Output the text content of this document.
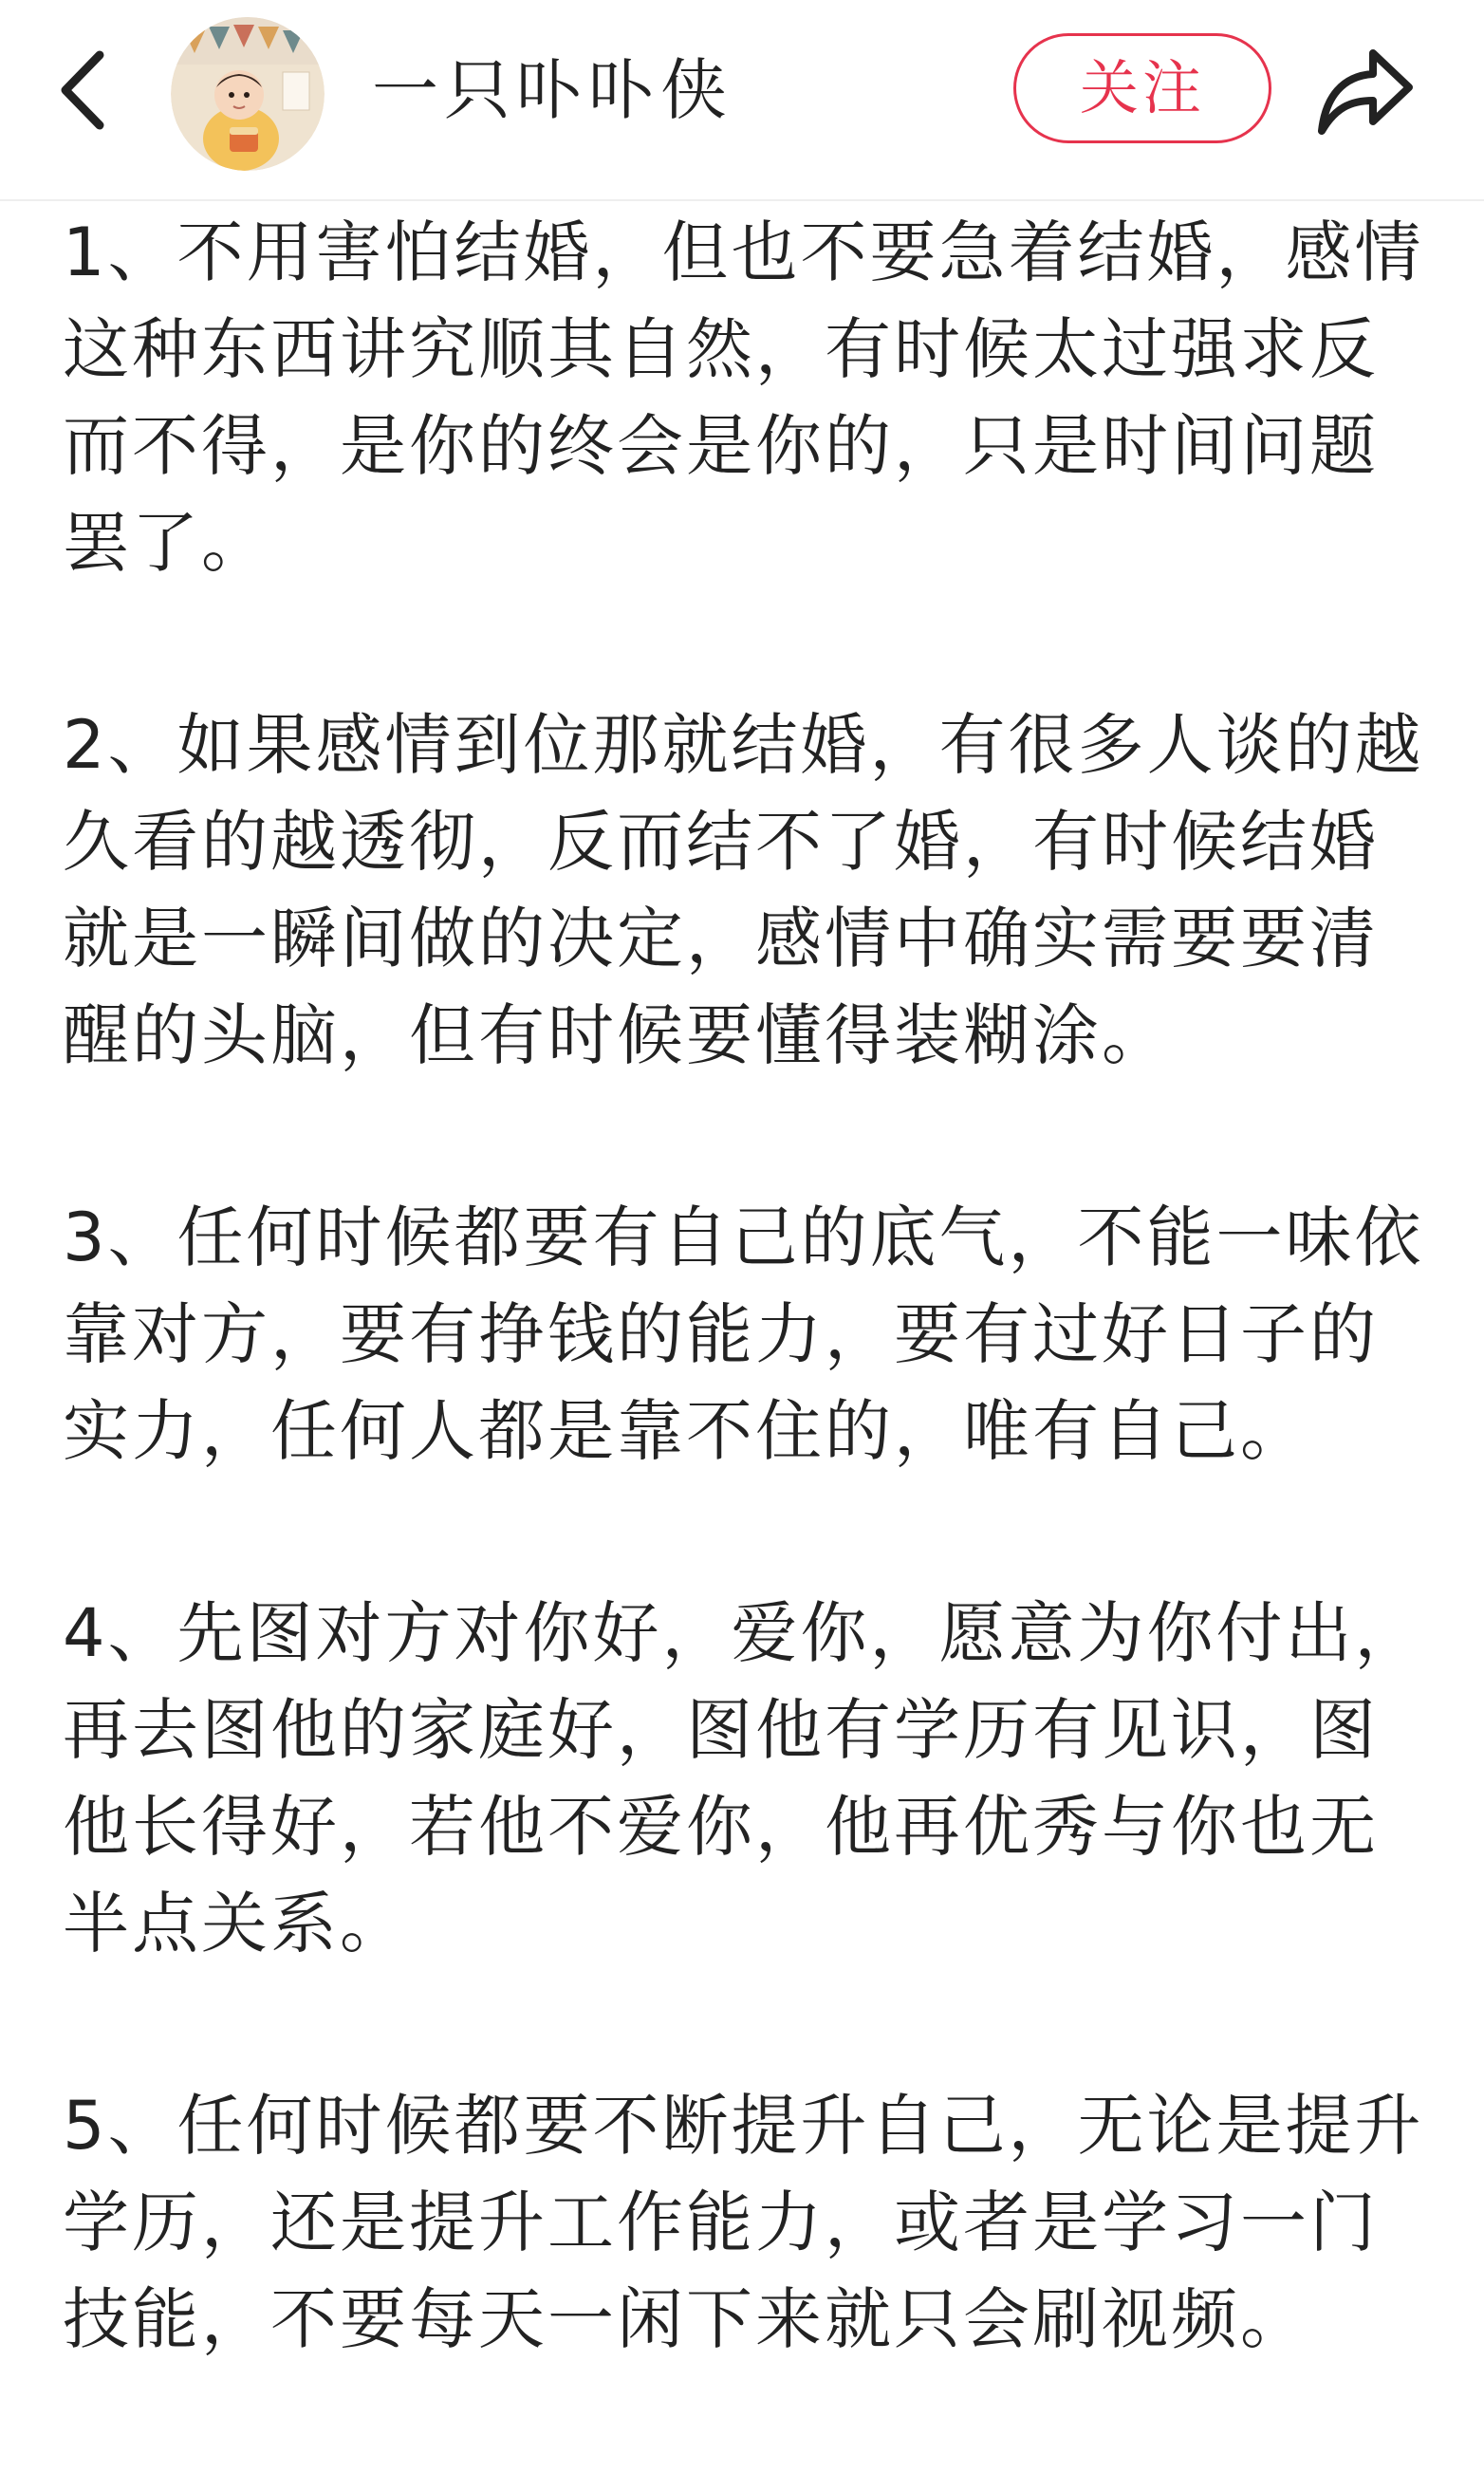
一只卟卟侠	关注

1、不用害怕结婚，但也不要急着结婚，感情这种东西讲究顺其自然，有时候太过强求反而不得，是你的终会是你的，只是时间问题罢了。

2、如果感情到位那就结婚，有很多人谈的越久看的越透彻，反而结不了婚，有时候结婚就是一瞬间做的决定，感情中确实需要要清醒的头脑，但有时候要懂得装糊涂。

3、任何时候都要有自己的底气，不能一味依靠对方，要有挣钱的能力，要有过好日子的实力，任何人都是靠不住的，唯有自己。

4、先图对方对你好，爱你，愿意为你付出，再去图他的家庭好，图他有学历有见识，图他长得好，若他不爱你，他再优秀与你也无半点关系。

5、任何时候都要不断提升自己，无论是提升学历，还是提升工作能力，或者是学习一门技能，不要每天一闲下来就只会刷视频。
